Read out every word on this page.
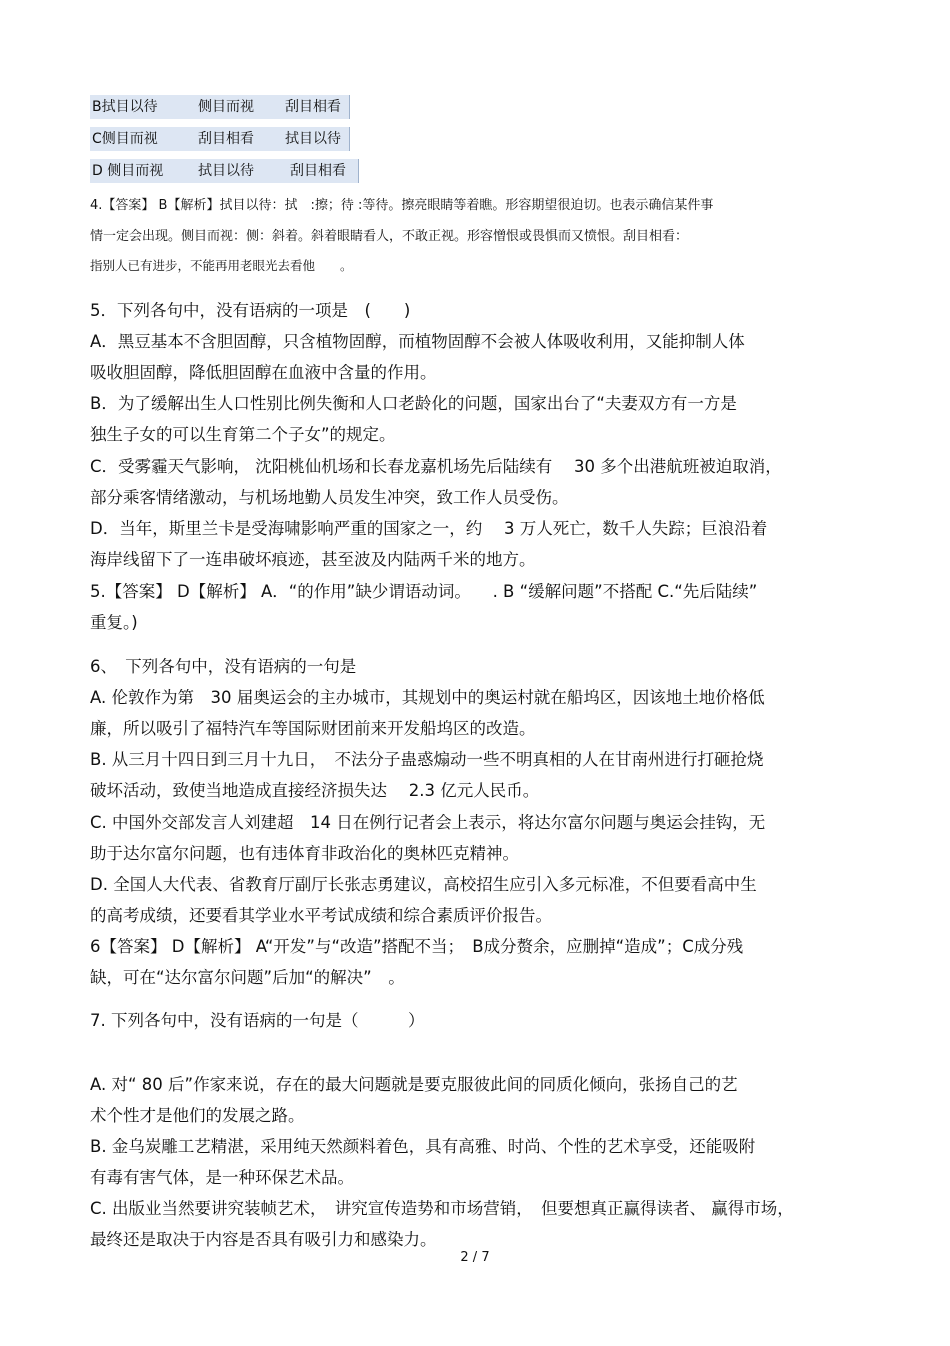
B拭目以待	侧目而视 刮目相看
C侧目而视	刮目相看 拭目以待
D 侧目而视 拭目以待	刮目相看
4.【答案】 B【解析】拭目以待：拭　:擦；待 :等待。擦亮眼睛等着瞧。形容期望很迫切。也表示确信某件事
情一定会出现。侧目而视：侧：斜着。斜着眼睛看人，不敢正视。形容憎恨或畏惧而又愤恨。刮目相看：
指别人已有进步，不能再用老眼光去看他　　。
5．下列各句中，没有语病的一项是　(　　)
A．黑豆基本不含胆固醇，只含植物固醇，而植物固醇不会被人体吸收利用，又能抑制人体
吸收胆固醇，降低胆固醇在血液中含量的作用。
B．为了缓解出生人口性别比例失衡和人口老龄化的问题，国家出台了“夫妻双方有一方是
独生子女的可以生育第二个子女”的规定。
C．受雾霾天气影响， 沈阳桃仙机场和长春龙嘉机场先后陆续有　 30 多个出港航班被迫取消，
部分乘客情绪激动，与机场地勤人员发生冲突，致工作人员受伤。
D．当年，斯里兰卡是受海啸影响严重的国家之一，约　 3 万人死亡，数千人失踪；巨浪沿着
海岸线留下了一连串破坏痕迹，甚至波及内陆两千米的地方。
5.【答案】 D【解析】 A．“的作用”缺少谓语动词。 　. B “缓解问题”不搭配 C.“先后陆续”
重复。)
6、　下列各句中，没有语病的一句是
A. 伦敦作为第　30 届奥运会的主办城市，其规划中的奥运村就在船坞区，因该地土地价格低
廉，所以吸引了福特汽车等国际财团前来开发船坞区的改造。
B. 从三月十四日到三月十九日，　不法分子蛊惑煽动一些不明真相的人在甘南州进行打砸抢烧
破坏活动，致使当地造成直接经济损失达　 2.3 亿元人民币。
C. 中国外交部发言人刘建超　14 日在例行记者会上表示，将达尔富尔问题与奥运会挂钩，无
助于达尔富尔问题，也有违体育非政治化的奥林匹克精神。
D. 全国人大代表、省教育厅副厅长张志勇建议，高校招生应引入多元标准，不但要看高中生
的高考成绩，还要看其学业水平考试成绩和综合素质评价报告。
6【答案】 D【解析】 A“开发”与“改造”搭配不当；　B成分赘余，应删掉“造成”；C成分残
缺，可在“达尔富尔问题”后加“的解决”　。
7. 下列各句中，没有语病的一句是（　　　）
A. 对“ 80 后”作家来说，存在的最大问题就是要克服彼此间的同质化倾向，张扬自己的艺
术个性才是他们的发展之路。
B. 金乌炭雕工艺精湛，采用纯天然颜料着色，具有高雅、时尚、个性的艺术享受，还能吸附
有毒有害气体，是一种环保艺术品。
C. 出版业当然要讲究装帧艺术，　讲究宣传造势和市场营销，　但要想真正赢得读者、 赢得市场，
最终还是取决于内容是否具有吸引力和感染力。
2 / 7
